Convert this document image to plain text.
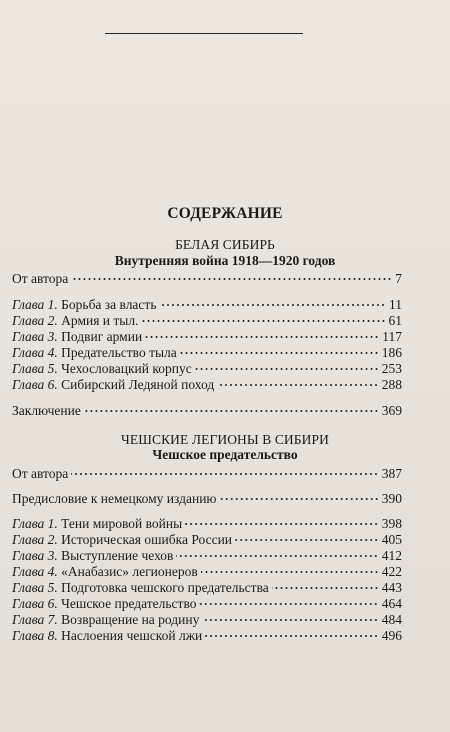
СОДЕРЖАНИЕ
БЕЛАЯ СИБИРЬ
Внутренняя война 1918—1920 годов
От автора	7
Глава 1. Борьба за власть	11
Глава 2. Армия и тыл.	61
Глава 3. Подвиг армии	117
Глава 4. Предательство тыла	186
Глава 5. Чехословацкий корпус	253
Глава 6. Сибирский Ледяной поход	288
Заключение	369
ЧЕШСКИЕ ЛЕГИОНЫ В СИБИРИ
Чешское предательство
От автора	387
Предисловие к немецкому изданию	390
Глава 1. Тени мировой войны	398
Глава 2. Историческая ошибка России	405
Глава 3. Выступление чехов	412
Глава 4. «Анабазис» легионеров	422
Глава 5. Подготовка чешского предательства	443
Глава 6. Чешское предательство	464
Глава 7. Возвращение на родину	484
Глава 8. Наслоения чешской лжи	496
